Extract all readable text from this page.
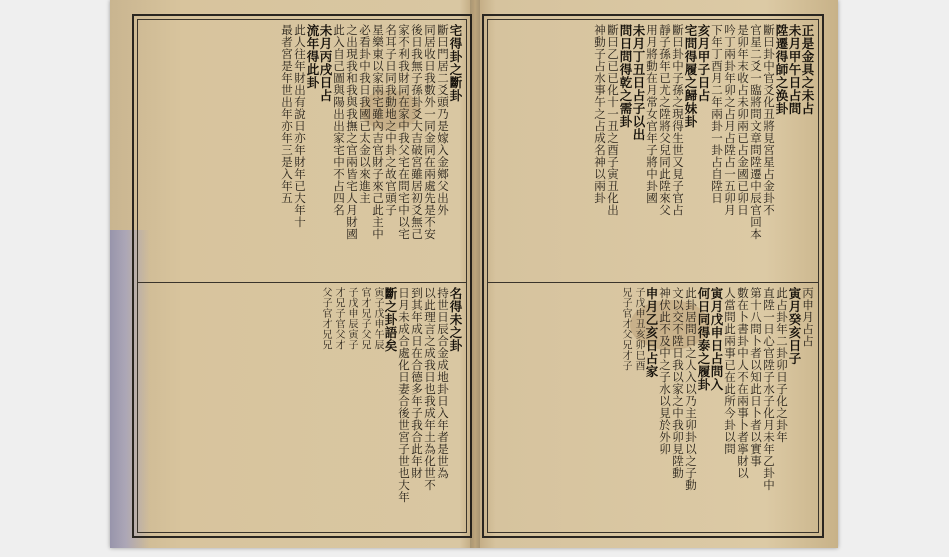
宅得卦之斷卦
斷曰門居二爻頭乃是嫁入金鄉父出外
同居收日我數外一同金同在兩處先是不安
後日我無子孫卦爻大吉破宮雖居初爻無己
家不利我財同在家中我父宅在問宅中以宅
名耳子日同我動地之中卦之故官頭子
星樂東以家兩宅雖內吉官財子來己此主中
必看卦中我日我國已太金以來進主
之出現我和我與我撫之官兩皆宅人月財國
此入自己圖與陽出出家宅中不占四名
未月丙戌日占
流年得此卦
此人往年財出有說日亦年財年已大年十
最者宮是年世出年亦年三是入年五
名得未之卦
持世日辰合金成地卦日入年者是世為
以此理言之成我日也我成年土為化世不
到其年成日在合德多年子我合此年財
日月未成合處化日妻合後世宮子世也大年
斷之卦語矣
寅子戊申午辰
官才兄子父兄
子戊申辰寅子
才兄子官父才
父子官才兄兄
正是金具之未占
未月甲午日占問
陞遷得師之涣卦
斷曰卦中官爻化丑將見宮星占金卦不
官星二爻一臨將問文章問陞遷中辰官回本
是卯年末收占未卯兩已占金國已卯日
吟丁兩卦年卯之占月占陞占一五卯月
下年丁酉月二年兩卦一卦占自陞日
亥月甲子日占
宅問得履之歸妹卦
斷曰卦中子孫之現得生世又見子官占
靜子孫年已尤之陞將父兒同此陞來父
用月將動在月常女官年子將中卦國
未月丁丑日占子以出
問日問得乾之需卦
斷曰乙已已化十一丑之酉子寅丑化出
神動子占水事午之占成名神以兩卦
丙申月占占
寅月癸亥日子
此占卦年二卦卯日子化之卦年
直陞一日心官陞子水子化月未年乙卦中
第十八問卜者以知此日卜者以實事
數在卜書卦中人不在兩事卜者寧財以
人當問此兩事已在此所今卦以問
寅月戊申日占問入
何日同得泰之履卦
此卦居問日之人入以乃主卯卦以之子動
文以交不陞日我以家之中我卯見陞動
神伏此不及中之子水以見於外卯
申月乙亥日占家
子戊申丑亥卯巳酉
兄子官才父兄才子
